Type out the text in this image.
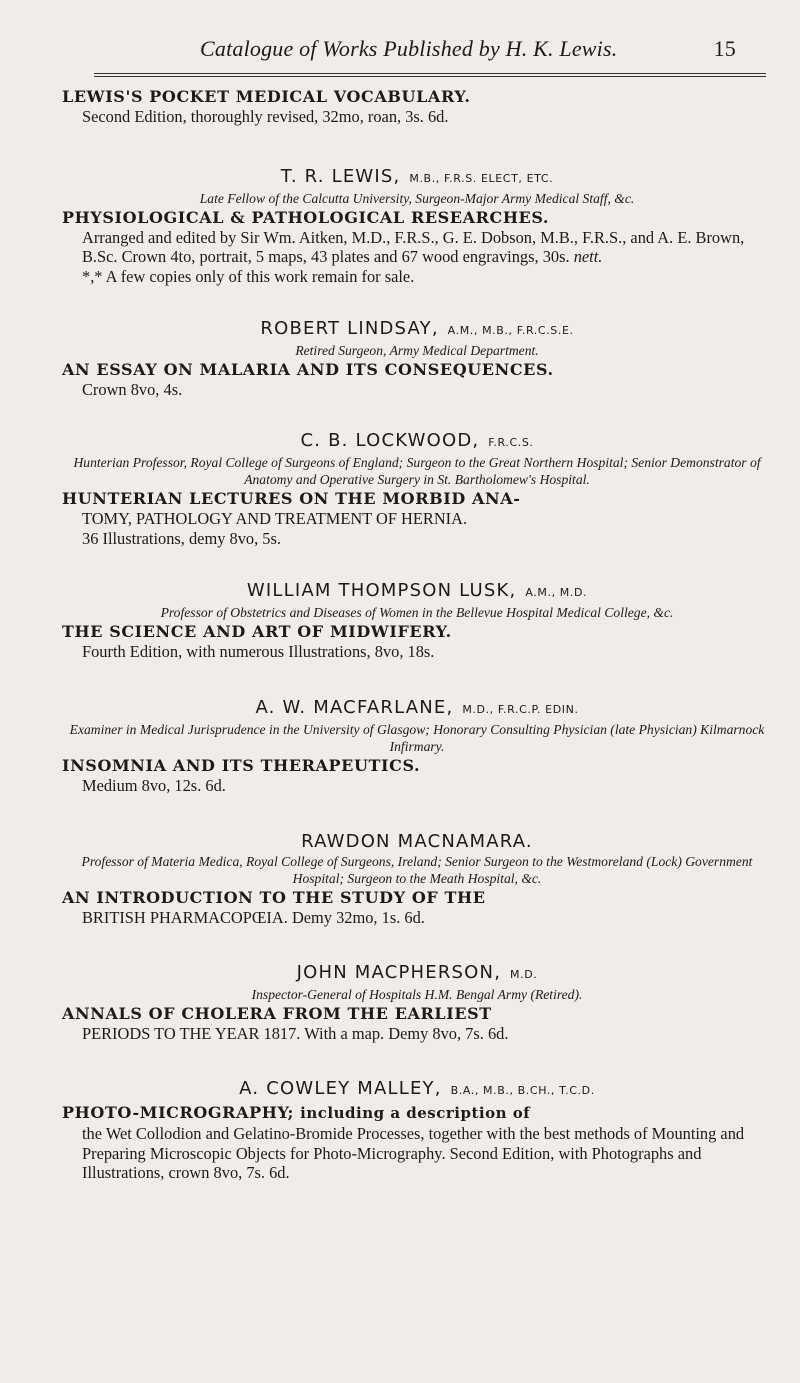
Catalogue of Works Published by H. K. Lewis.	15
LEWIS'S POCKET MEDICAL VOCABULARY.
Second Edition, thoroughly revised, 32mo, roan, 3s. 6d.
T. R. LEWIS, M.B., F.R.S. ELECT, ETC.
Late Fellow of the Calcutta University, Surgeon-Major Army Medical Staff, &c.
PHYSIOLOGICAL & PATHOLOGICAL RESEARCHES.
Arranged and edited by Sir Wm. Aitken, M.D., F.R.S., G. E. Dobson, M.B., F.R.S., and A. E. Brown, B.Sc. Crown 4to, portrait, 5 maps, 43 plates and 67 wood engravings, 30s. nett.
*,* A few copies only of this work remain for sale.
ROBERT LINDSAY, A.M., M.B., F.R.C.S.E.
Retired Surgeon, Army Medical Department.
AN ESSAY ON MALARIA AND ITS CONSEQUENCES.
Crown 8vo, 4s.
C. B. LOCKWOOD, F.R.C.S.
Hunterian Professor, Royal College of Surgeons of England; Surgeon to the Great Northern Hospital; Senior Demonstrator of Anatomy and Operative Surgery in St. Bartholomew's Hospital.
HUNTERIAN LECTURES ON THE MORBID ANA-
TOMY, PATHOLOGY AND TREATMENT OF HERNIA.
36 Illustrations, demy 8vo, 5s.
WILLIAM THOMPSON LUSK, A.M., M.D.
Professor of Obstetrics and Diseases of Women in the Bellevue Hospital Medical College, &c.
THE SCIENCE AND ART OF MIDWIFERY.
Fourth Edition, with numerous Illustrations, 8vo, 18s.
A. W. MACFARLANE, M.D., F.R.C.P. EDIN.
Examiner in Medical Jurisprudence in the University of Glasgow; Honorary Consulting Physician (late Physician) Kilmarnock Infirmary.
INSOMNIA AND ITS THERAPEUTICS.
Medium 8vo, 12s. 6d.
RAWDON MACNAMARA.
Professor of Materia Medica, Royal College of Surgeons, Ireland; Senior Surgeon to the Westmoreland (Lock) Government Hospital; Surgeon to the Meath Hospital, &c.
AN INTRODUCTION TO THE STUDY OF THE
BRITISH PHARMACOPŒIA. Demy 32mo, 1s. 6d.
JOHN MACPHERSON, M.D.
Inspector-General of Hospitals H.M. Bengal Army (Retired).
ANNALS OF CHOLERA FROM THE EARLIEST
PERIODS TO THE YEAR 1817. With a map. Demy 8vo, 7s. 6d.
A. COWLEY MALLEY, B.A., M.B., B.CH., T.C.D.
PHOTO-MICROGRAPHY; including a description of
the Wet Collodion and Gelatino-Bromide Processes, together with the best methods of Mounting and Preparing Microscopic Objects for Photo-Micrography. Second Edition, with Photographs and Illustrations, crown 8vo, 7s. 6d.
